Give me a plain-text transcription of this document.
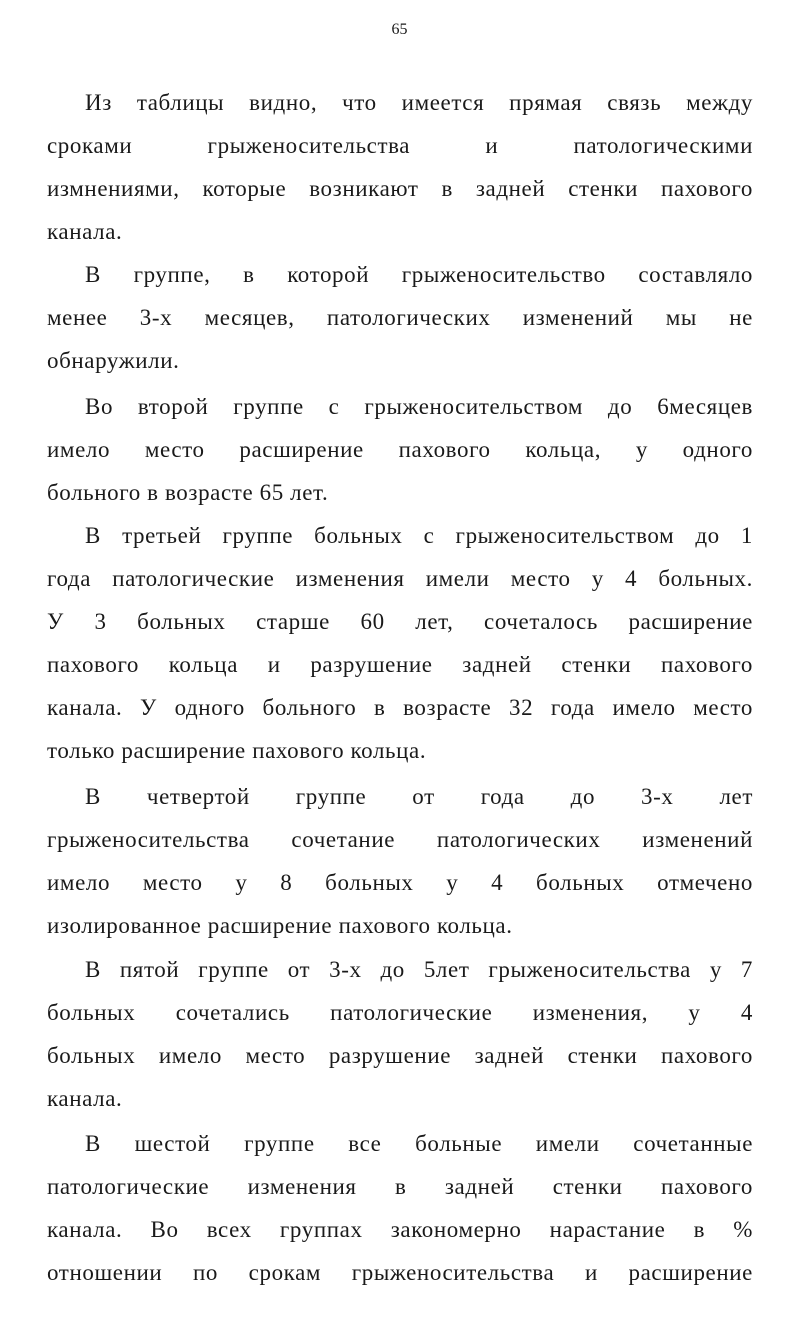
65
Из таблицы видно, что имеется прямая связь между
сроками грыженосительства и патологическими
измнениями, которые возникают в задней стенки пахового
канала.
В группе, в которой грыженосительство составляло
менее 3-х месяцев, патологических изменений мы не
обнаружили.
Во второй группе с грыженосительством до 6месяцев
имело место расширение пахового кольца, у одного
больного в возрасте 65 лет.
В третьей группе больных с грыженосительством до 1
года патологические изменения имели место у 4 больных.
У 3 больных старше 60 лет, сочеталось расширение
пахового кольца и разрушение задней стенки пахового
канала. У одного больного в возрасте 32 года имело место
только расширение пахового кольца.
В четвертой группе от года до 3-х лет
грыженосительства сочетание патологических изменений
имело место у 8 больных у 4 больных отмечено
изолированное расширение пахового кольца.
В пятой группе от 3-х до 5лет грыженосительства у 7
больных сочетались патологические изменения, у 4
больных имело место разрушение задней стенки пахового
канала.
В шестой группе все больные имели сочетанные
патологические изменения в задней стенки пахового
канала. Во всех группах закономерно нарастание в %
отношении по срокам грыженосительства и расширение
